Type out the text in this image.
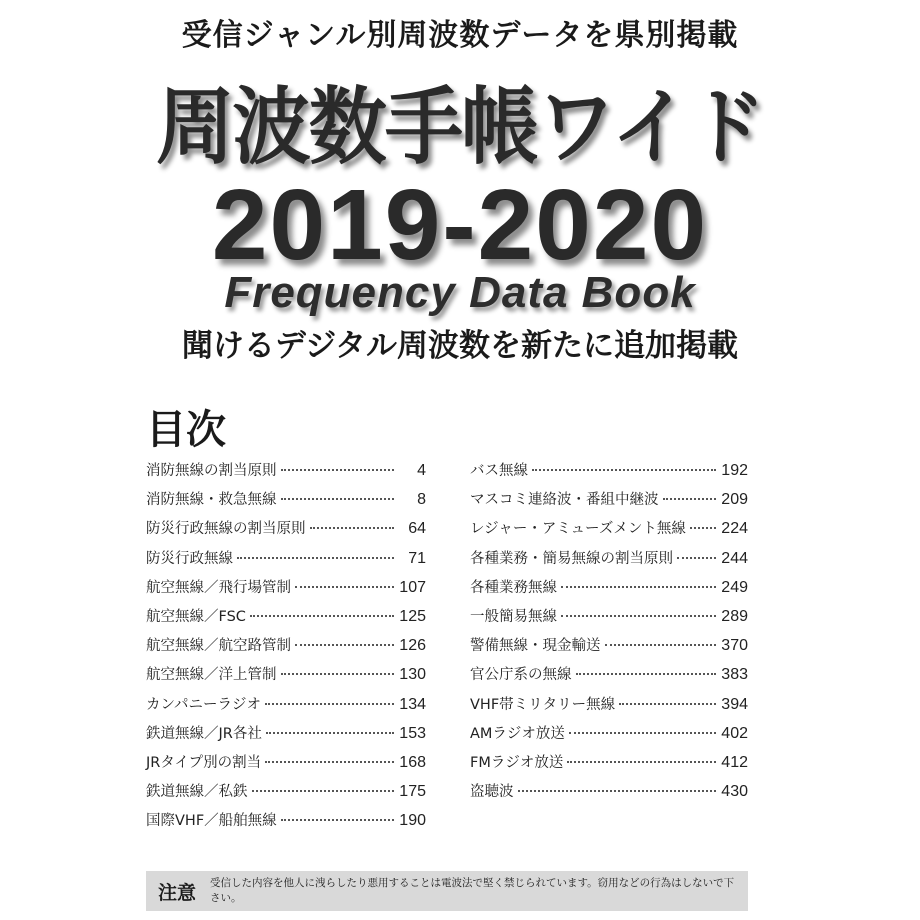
受信ジャンル別周波数データを県別掲載
周波数手帳ワイド
2019-2020
Frequency Data Book
聞けるデジタル周波数を新たに追加掲載
目次
消防無線の割当原則	4
消防無線・救急無線	8
防災行政無線の割当原則	64
防災行政無線	71
航空無線／飛行場管制	107
航空無線／FSC	125
航空無線／航空路管制	126
航空無線／洋上管制	130
カンパニーラジオ	134
鉄道無線／JR各社	153
JRタイプ別の割当	168
鉄道無線／私鉄	175
国際VHF／船舶無線	190
バス無線	192
マスコミ連絡波・番組中継波	209
レジャー・アミューズメント無線 224
各種業務・簡易無線の割当原則	244
各種業務無線	249
一般簡易無線	289
警備無線・現金輸送	370
官公庁系の無線	383
VHF帯ミリタリー無線	394
AMラジオ放送	402
FMラジオ放送	412
盗聴波	430
注意	受信した内容を他人に洩らしたり悪用することは電波法で堅く禁じられています。窃用などの行為はしないで下さい。
